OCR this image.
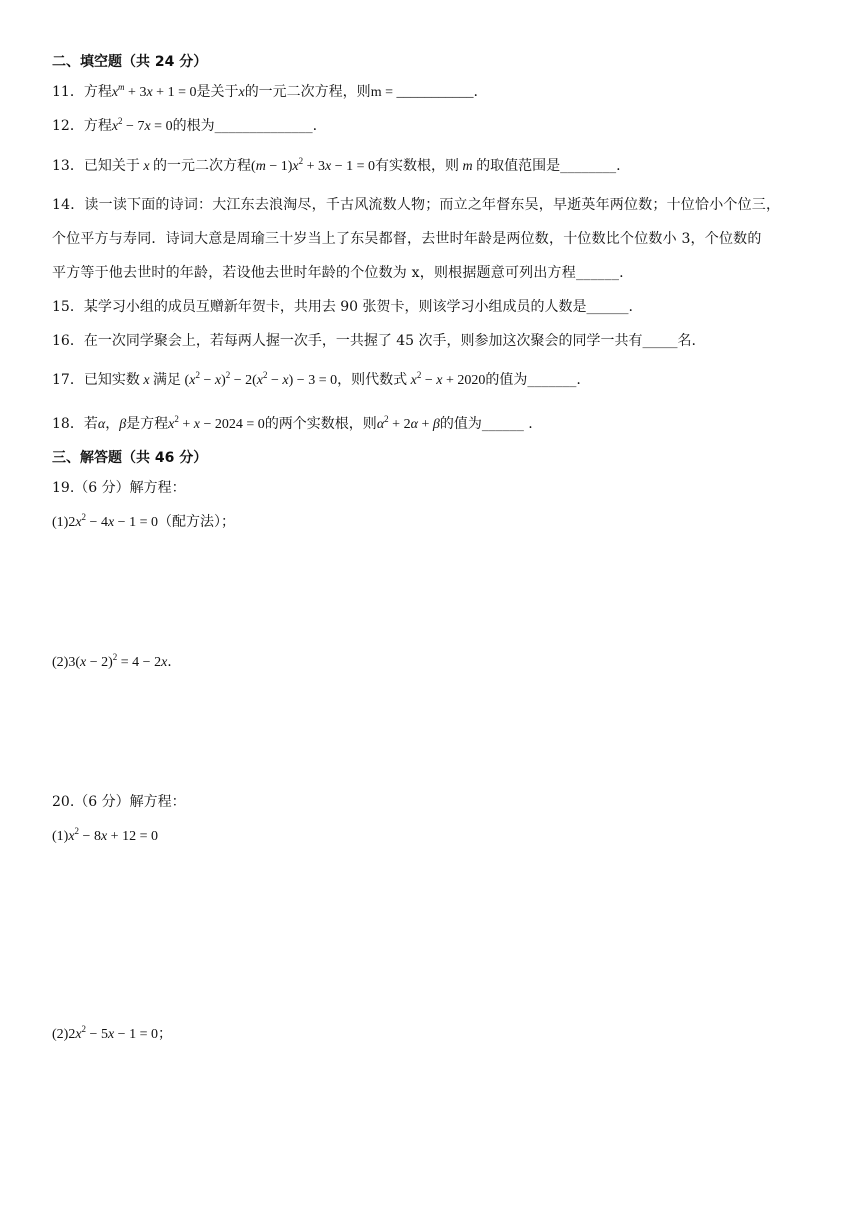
二、填空题（共 24 分）
11．方程$x^m + 3x + 1 = 0$是关于x的一元二次方程，则m = ___________.
12．方程$x^2 - 7x = 0$的根为______________.
13．已知关于 x 的一元二次方程$(m - 1)x^2 + 3x - 1 = 0$有实数根，则 m 的取值范围是________.
14．读一读下面的诗词：大江东去浪淘尽，千古风流数人物；而立之年督东吴，早逝英年两位数；十位恰小个位三，
个位平方与寿同．诗词大意是周瑜三十岁当上了东吴都督，去世时年龄是两位数，十位数比个位数小 3，个位数的
平方等于他去世时的年龄，若设他去世时年龄的个位数为 x，则根据题意可列出方程______.
15．某学习小组的成员互赠新年贺卡，共用去 90 张贺卡，则该学习小组成员的人数是______.
16．在一次同学聚会上，若每两人握一次手，一共握了 45 次手，则参加这次聚会的同学一共有_____名.
17．已知实数 x 满足 $(x^2 - x)^2 - 2(x^2 - x) - 3 = 0$，则代数式 $x^2 - x + 2020$的值为_______.
18．若α，β是方程$x^2 + x - 2024 = 0$的两个实数根，则$\alpha^2 + 2\alpha + \beta$的值为______ .
三、解答题（共 46 分）
19.（6 分）解方程：
$(1)2x^2 - 4x - 1 = 0$（配方法）；
$(2)3(x - 2)^2 = 4 - 2x$.
20.（6 分）解方程：
$(1)x^2 - 8x + 12 = 0$
$(2)2x^2 - 5x - 1 = 0$；
